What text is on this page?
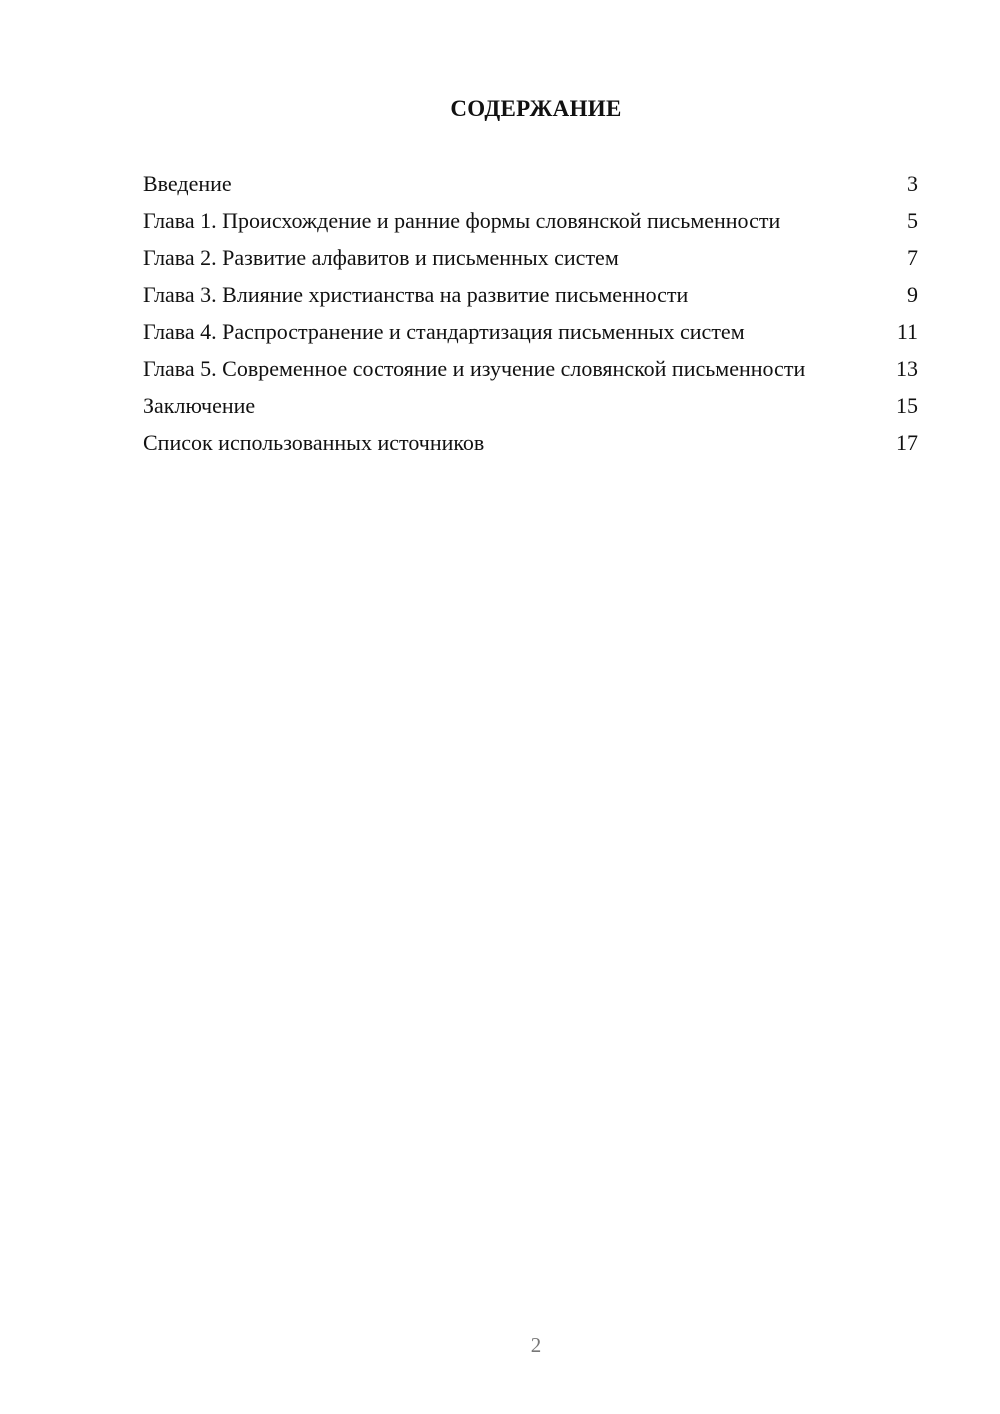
СОДЕРЖАНИЕ
Введение	3
Глава 1. Происхождение и ранние формы словянской письменности	5
Глава 2. Развитие алфавитов и письменных систем	7
Глава 3. Влияние христианства на развитие письменности	9
Глава 4. Распространение и стандартизация письменных систем	11
Глава 5. Современное состояние и изучение словянской письменности	13
Заключение	15
Список использованных источников	17
2
